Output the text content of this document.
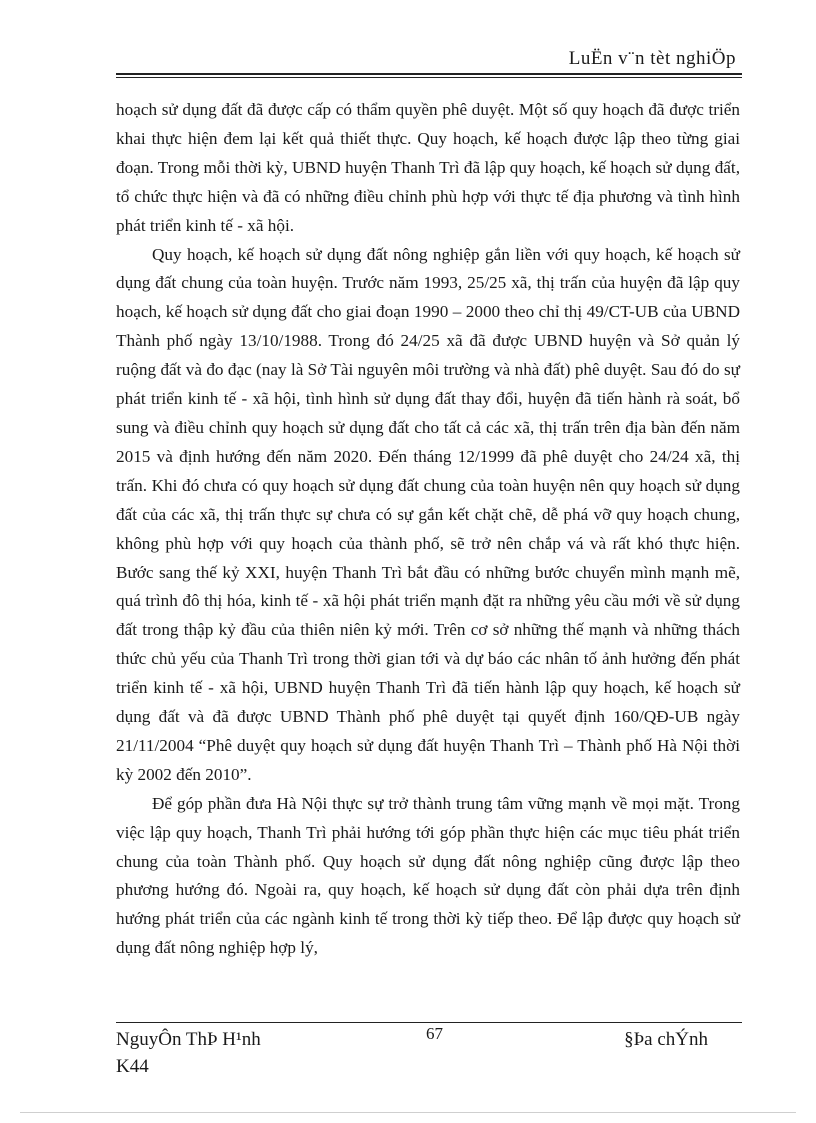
LuËn v¨n tèt nghiÖp

hoạch sử dụng đất đã được cấp có thẩm quyền phê duyệt. Một số quy hoạch đã được triển khai thực hiện đem lại kết quả thiết thực. Quy hoạch, kế hoạch được lập theo từng giai đoạn. Trong mỗi thời kỳ, UBND huyện Thanh Trì đã lập quy hoạch, kế hoạch sử dụng đất, tổ chức thực hiện và đã có những điều chỉnh phù hợp với thực tế địa phương và tình hình phát triển kinh tế - xã hội.

Quy hoạch, kế hoạch sử dụng đất nông nghiệp gắn liền với quy hoạch, kế hoạch sử dụng đất chung của toàn huyện. Trước năm 1993, 25/25 xã, thị trấn của huyện đã lập quy hoạch, kế hoạch sử dụng đất cho giai đoạn 1990 – 2000 theo chỉ thị 49/CT-UB của UBND Thành phố ngày 13/10/1988. Trong đó 24/25 xã đã được UBND huyện và Sở quản lý ruộng đất và đo đạc (nay là Sở Tài nguyên môi trường và nhà đất) phê duyệt. Sau đó do sự phát triển kinh tế - xã hội, tình hình sử dụng đất thay đổi, huyện đã tiến hành rà soát, bổ sung và điều chỉnh quy hoạch sử dụng đất cho tất cả các xã, thị trấn trên địa bàn đến năm 2015 và định hướng đến năm 2020. Đến tháng 12/1999 đã phê duyệt cho 24/24 xã, thị trấn. Khi đó chưa có quy hoạch sử dụng đất chung của toàn huyện nên quy hoạch sử dụng đất của các xã, thị trấn thực sự chưa có sự gắn kết chặt chẽ, dễ phá vỡ quy hoạch chung, không phù hợp với quy hoạch của thành phố, sẽ trở nên chắp vá và rất khó thực hiện. Bước sang thế kỷ XXI, huyện Thanh Trì bắt đầu có những bước chuyển mình mạnh mẽ, quá trình đô thị hóa, kinh tế - xã hội phát triển mạnh đặt ra những yêu cầu mới về sử dụng đất trong thập kỷ đầu của thiên niên kỷ mới. Trên cơ sở những thế mạnh và những thách thức chủ yếu của Thanh Trì trong thời gian tới và dự báo các nhân tố ảnh hưởng đến phát triển kinh tế - xã hội, UBND huyện Thanh Trì đã tiến hành lập quy hoạch, kế hoạch sử dụng đất và đã được UBND Thành phố phê duyệt tại quyết định 160/QĐ-UB ngày 21/11/2004 “Phê duyệt quy hoạch sử dụng đất huyện Thanh Trì – Thành phố Hà Nội thời kỳ 2002 đến 2010”.

Để góp phần đưa Hà Nội thực sự trở thành trung tâm vững mạnh về mọi mặt. Trong việc lập quy hoạch, Thanh Trì phải hướng tới góp phần thực hiện các mục tiêu phát triển chung của toàn Thành phố. Quy hoạch sử dụng đất nông nghiệp cũng được lập theo phương hướng đó. Ngoài ra, quy hoạch, kế hoạch sử dụng đất còn phải dựa trên định hướng phát triển của các ngành kinh tế trong thời kỳ tiếp theo. Để lập được quy hoạch sử dụng đất nông nghiệp hợp lý,

NguyÔn ThÞ H¹nh
K44
67	§Þa chÝnh
